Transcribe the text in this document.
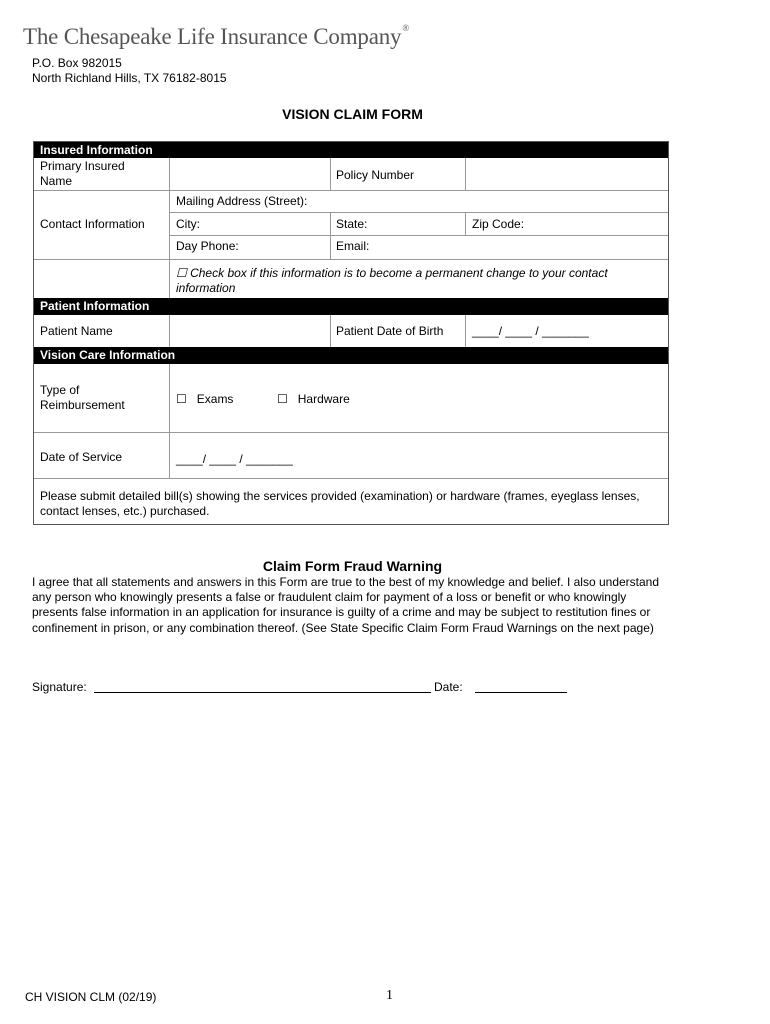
The Chesapeake Life Insurance Company®
P.O. Box 982015
North Richland Hills, TX 76182-8015
VISION CLAIM FORM
Insured Information
Primary Insured Name	Policy Number
Contact Information
Mailing Address (Street):
City:	State:	Zip Code:
Day Phone:	Email:
☐ Check box if this information is to become a permanent change to your contact information
Patient Information
Patient Name	Patient Date of Birth ____/ ____ / _______
Vision Care Information
Type of Reimbursement	☐   Exams	☐   Hardware
Date of Service	____/ ____ / _______
Please submit detailed bill(s) showing the services provided (examination) or hardware (frames, eyeglass lenses, contact lenses, etc.) purchased.
Claim Form Fraud Warning
I agree that all statements and answers in this Form are true to the best of my knowledge and belief. I also understand any person who knowingly presents a false or fraudulent claim for payment of a loss or benefit or who knowingly presents false information in an application for insurance is guilty of a crime and may be subject to restitution fines or confinement in prison, or any combination thereof. (See State Specific Claim Form Fraud Warnings on the next page)
Signature:	Date:
CH VISION CLM (02/19)	1
